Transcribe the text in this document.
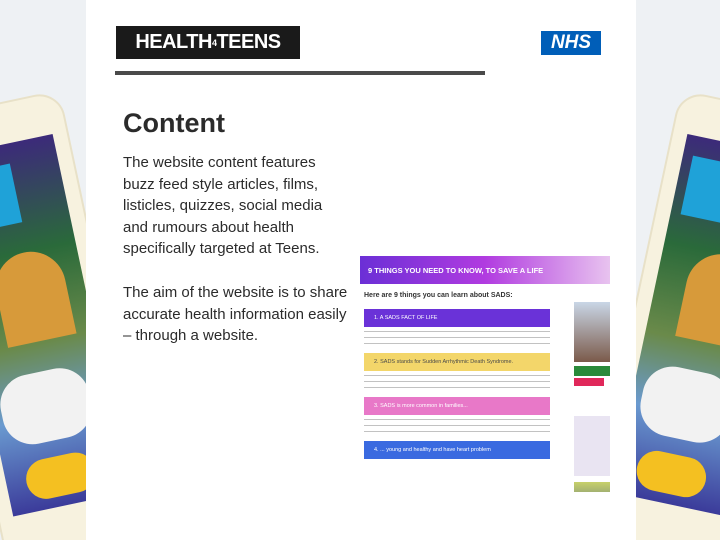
HEALTH 4 TEENS	NHS
Content

The website content features buzz feed style articles, films, listicles, quizzes, social media and rumours about health specifically targeted at Teens.

The aim of the website is to share accurate health information easily – through a website.

9 THINGS YOU NEED TO KNOW, TO SAVE A LIFE
Here are 9 things you can learn about SADS:
1. A SADS FACT OF LIFE
2. SADS stands for Sudden Arrhythmic Death Syndrome.
3. SADS is more common in families...
4. ... young and healthy and have heart problem
